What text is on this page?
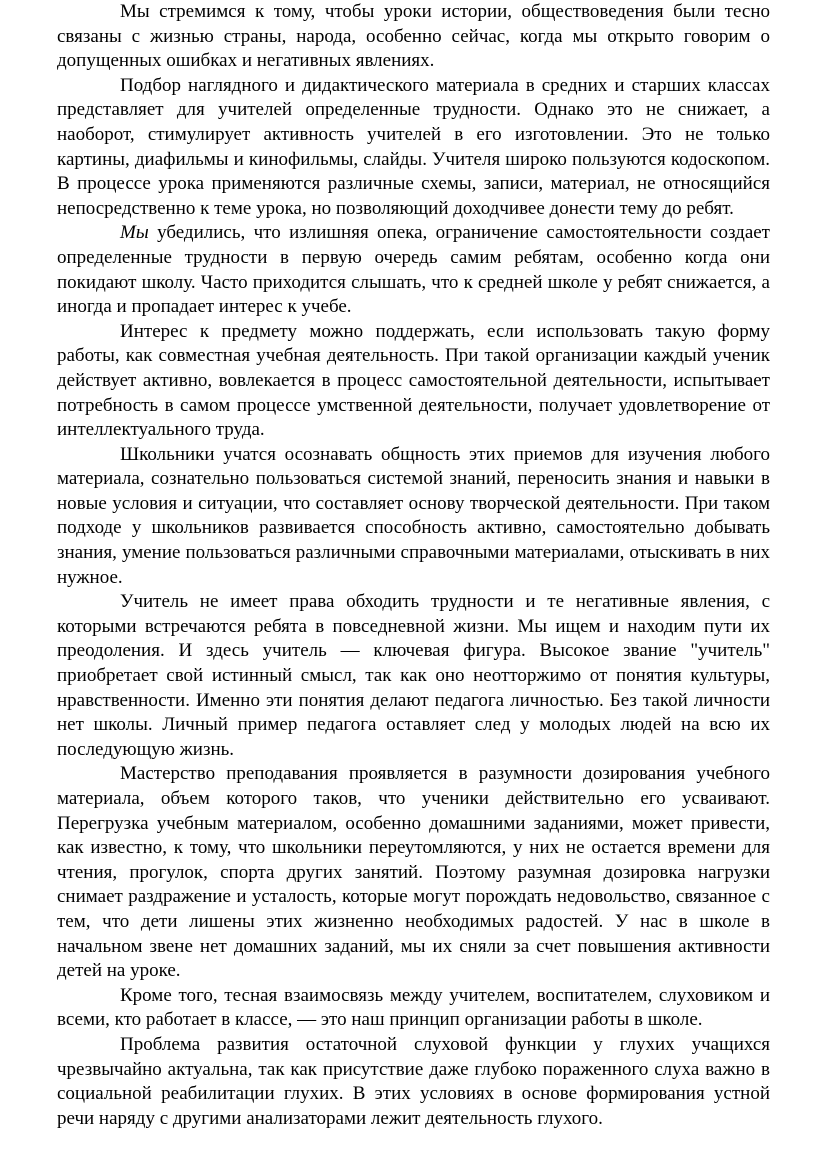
Мы стремимся к тому, чтобы уроки истории, обществоведения были тесно связаны с жизнью страны, народа, особенно сейчас, когда мы открыто говорим о допущенных ошибках и негативных явлениях.

Подбор наглядного и дидактического материала в средних и старших классах представляет для учителей определенные трудности. Однако это не снижает, а наоборот, стимулирует активность учителей в его изготовлении. Это не только картины, диафильмы и кинофильмы, слайды. Учителя широко пользуются кодоскопом. В процессе урока применяются различные схемы, записи, материал, не относящийся непосредственно к теме урока, но позволяющий доходчивее донести тему до ребят.

Мы убедились, что излишняя опека, ограничение самостоятельности создает определенные трудности в первую очередь самим ребятам, особенно когда они покидают школу. Часто приходится слышать, что к средней школе у ребят снижается, а иногда и пропадает интерес к учебе.

Интерес к предмету можно поддержать, если использовать такую форму работы, как совместная учебная деятельность. При такой организации каждый ученик действует активно, вовлекается в процесс самостоятельной деятельности, испытывает потребность в самом процессе умственной деятельности, получает удовлетворение от интеллектуального труда.

Школьники учатся осознавать общность этих приемов для изучения любого материала, сознательно пользоваться системой знаний, переносить знания и навыки в новые условия и ситуации, что составляет основу творческой деятельности. При таком подходе у школьников развивается способность активно, самостоятельно добывать знания, умение пользоваться различными справочными материалами, отыскивать в них нужное.

Учитель не имеет права обходить трудности и те негативные явления, с которыми встречаются ребята в повседневной жизни. Мы ищем и находим пути их преодоления. И здесь учитель — ключевая фигура. Высокое звание "учитель" приобретает свой истинный смысл, так как оно неотторжимо от понятия культуры, нравственности. Именно эти понятия делают педагога личностью. Без такой личности нет школы. Личный пример педагога оставляет след у молодых людей на всю их последующую жизнь.

Мастерство преподавания проявляется в разумности дозирования учебного материала, объем которого таков, что ученики действительно его усваивают. Перегрузка учебным материалом, особенно домашними заданиями, может привести, как известно, к тому, что школьники переутомляются, у них не остается времени для чтения, прогулок, спорта других занятий. Поэтому разумная дозировка нагрузки снимает раздражение и усталость, которые могут порождать недовольство, связанное с тем, что дети лишены этих жизненно необходимых радостей. У нас в школе в начальном звене нет домашних заданий, мы их сняли за счет повышения активности детей на уроке.

Кроме того, тесная взаимосвязь между учителем, воспитателем, слуховиком и всеми, кто работает в классе, — это наш принцип организации работы в школе.

Проблема развития остаточной слуховой функции у глухих учащихся чрезвычайно актуальна, так как присутствие даже глубоко пораженного слуха важно в социальной реабилитации глухих. В этих условиях в основе формирования устной речи наряду с другими анализаторами лежит деятельность глухого.
